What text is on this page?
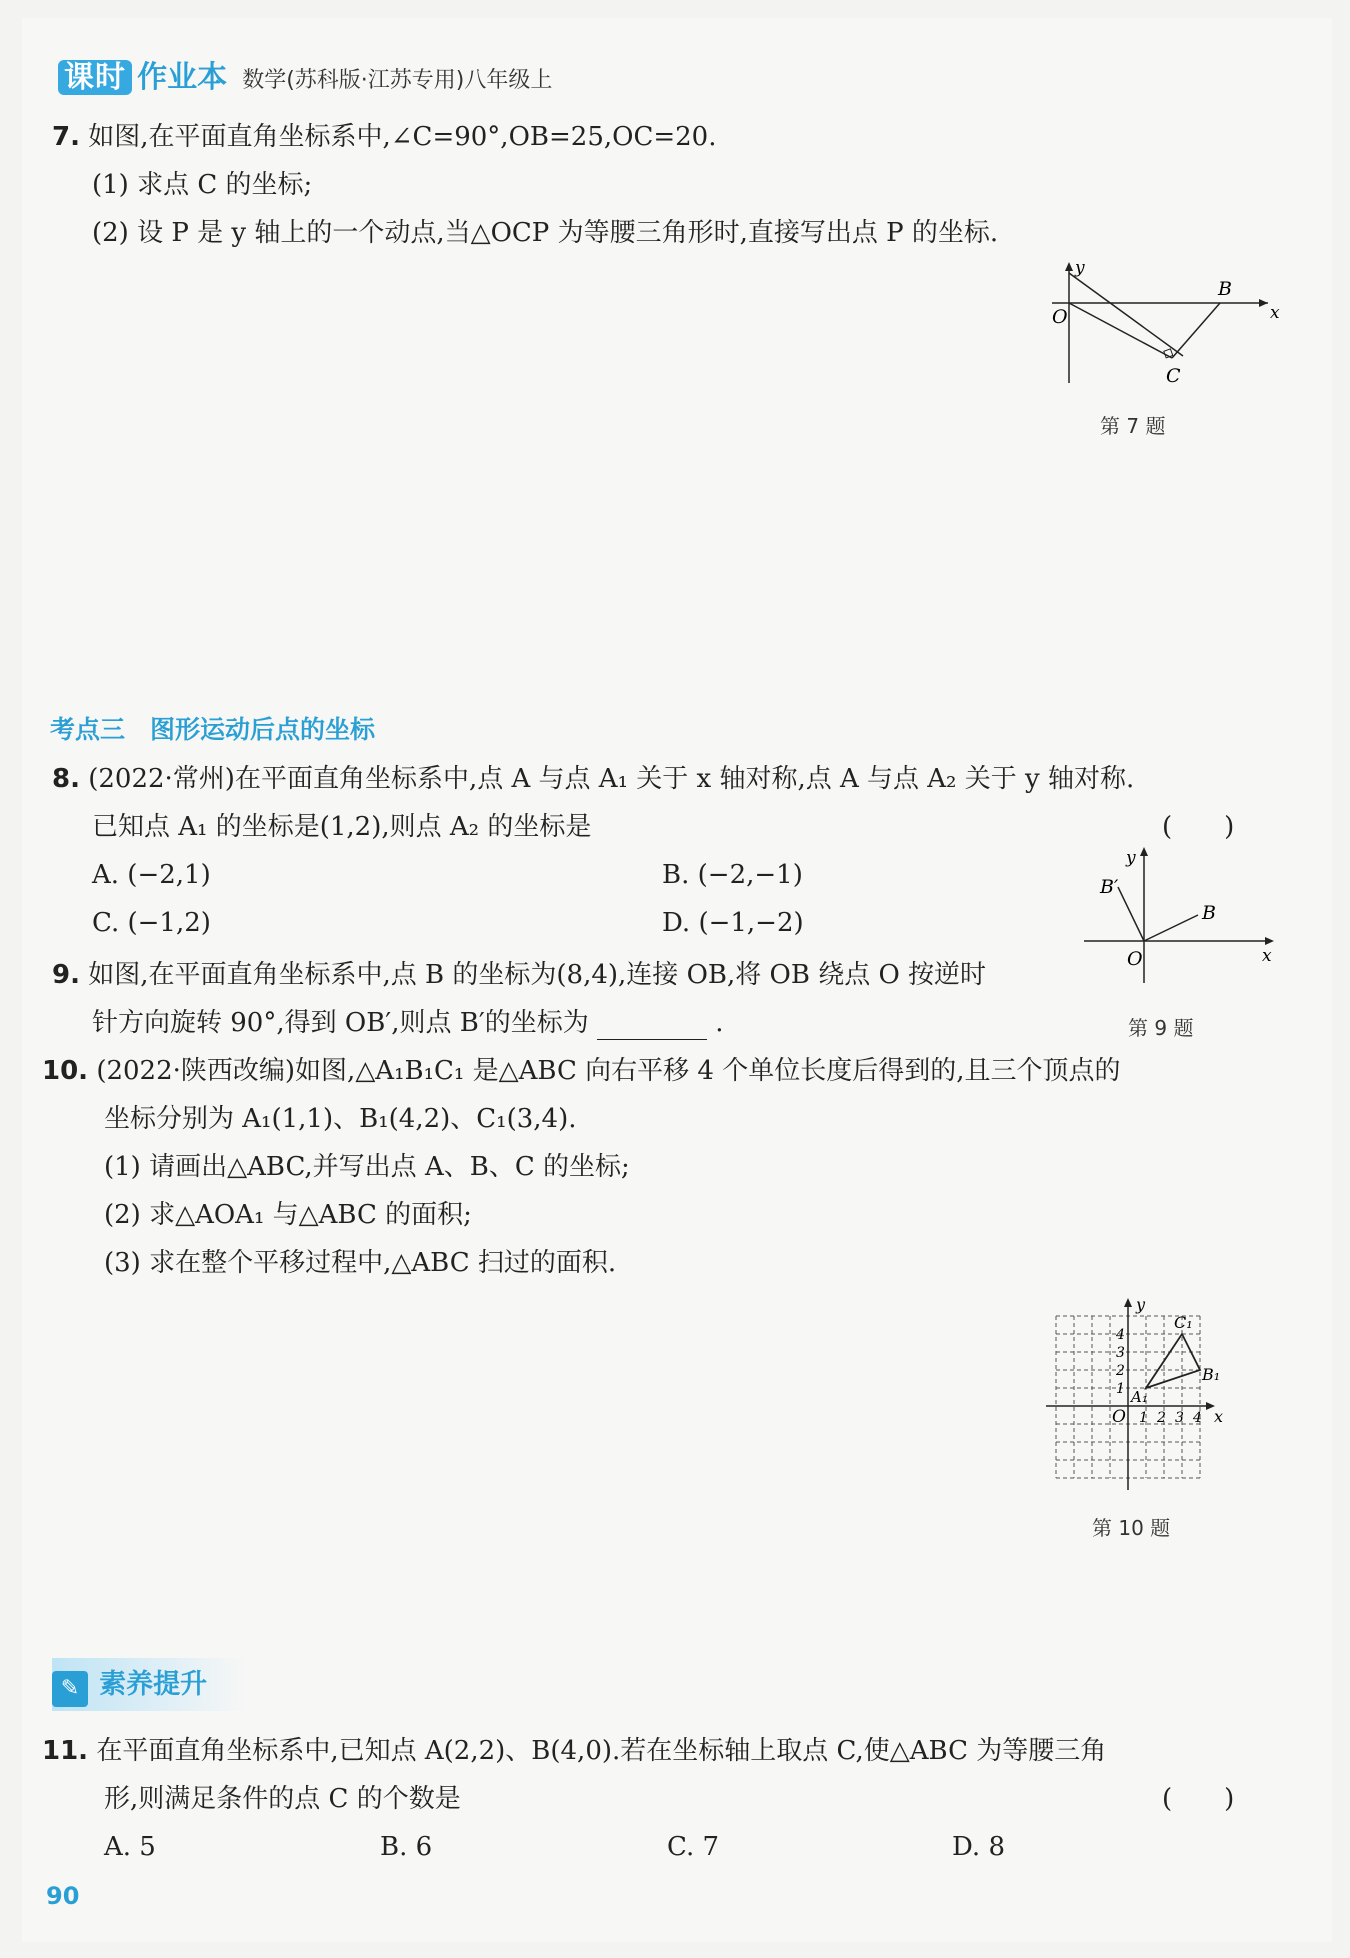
课时 作业本 数学(苏科版·江苏专用)八年级上
7. 如图,在平面直角坐标系中,∠C=90°,OB=25,OC=20.
(1) 求点 C 的坐标;
(2) 设 P 是 y 轴上的一个动点,当△OCP 为等腰三角形时,直接写出点 P 的坐标.
y
x
O
B
C
第 7 题
考点三　图形运动后点的坐标
8. (2022·常州)在平面直角坐标系中,点 A 与点 A₁ 关于 x 轴对称,点 A 与点 A₂ 关于 y 轴对称.
已知点 A₁ 的坐标是(1,2),则点 A₂ 的坐标是	(　　)
A. (−2,1)	B. (−2,−1)
C. (−1,2)	D. (−1,−2)
y
x
O
B
B′
第 9 题
9. 如图,在平面直角坐标系中,点 B 的坐标为(8,4),连接 OB,将 OB 绕点 O 按逆时
针方向旋转 90°,得到 OB′,则点 B′的坐标为	.
10. (2022·陕西改编)如图,△A₁B₁C₁ 是△ABC 向右平移 4 个单位长度后得到的,且三个顶点的
坐标分别为 A₁(1,1)、B₁(4,2)、C₁(3,4).
(1) 请画出△ABC,并写出点 A、B、C 的坐标;
(2) 求△AOA₁ 与△ABC 的面积;
(3) 求在整个平移过程中,△ABC 扫过的面积.
y
x
O
A₁
B₁
C₁
1 2 3 4
1
2
3
4
第 10 题
✎ 素养提升
11. 在平面直角坐标系中,已知点 A(2,2)、B(4,0).若在坐标轴上取点 C,使△ABC 为等腰三角
形,则满足条件的点 C 的个数是	(　　)
A. 5	B. 6	C. 7	D. 8
90
